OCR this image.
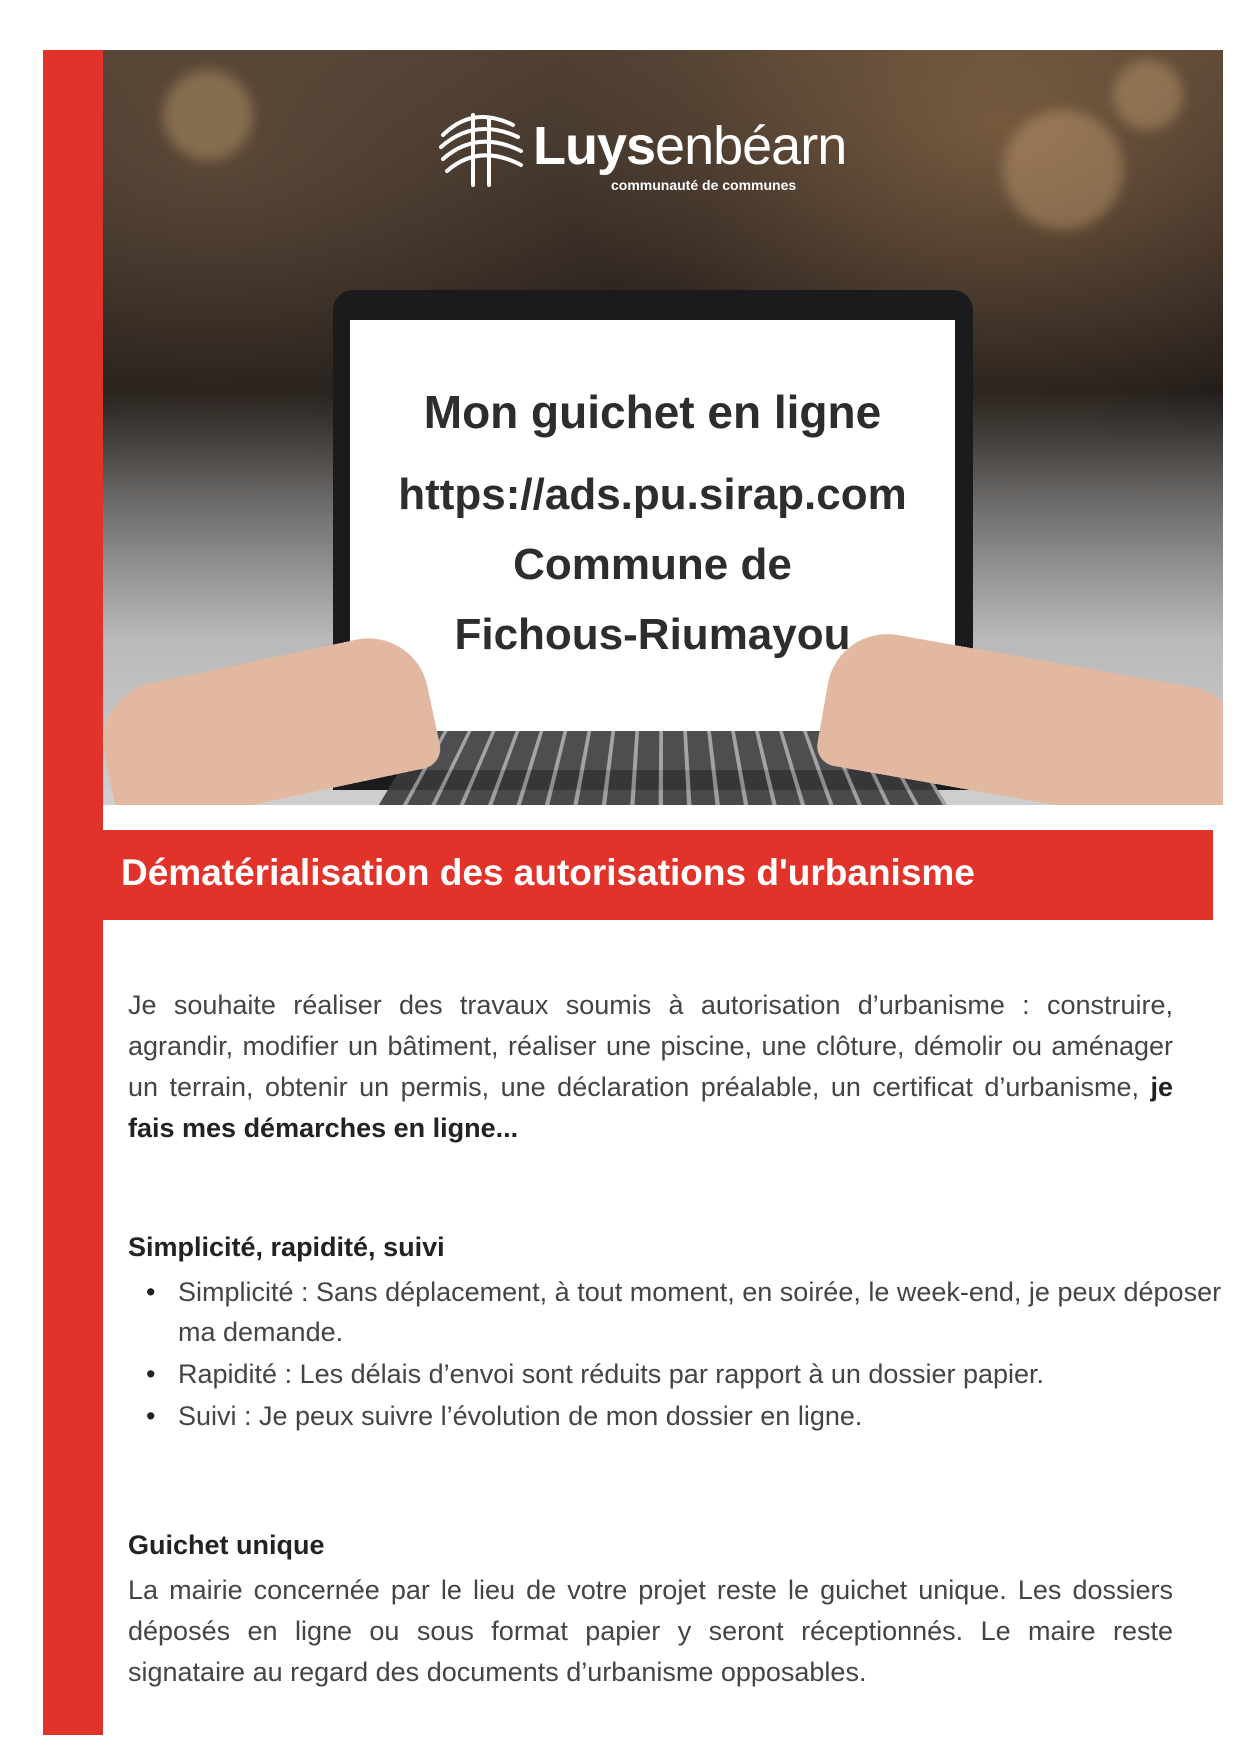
Luysenbéarn
communauté de communes
Mon guichet en ligne
https://ads.pu.sirap.com
Commune de
Fichous-Riumayou
Dématérialisation des autorisations d'urbanisme
Je souhaite réaliser des travaux soumis à autorisation d’urbanisme : construire, agrandir, modifier un bâtiment, réaliser une piscine, une clôture, démolir ou aménager un terrain, obtenir un permis, une déclaration préalable, un certificat d’urbanisme, je fais mes démarches en ligne...
Simplicité, rapidité, suivi
• Simplicité : Sans déplacement, à tout moment, en soirée, le week-end, je peux déposer ma demande.
• Rapidité : Les délais d’envoi sont réduits par rapport à un dossier papier.
• Suivi : Je peux suivre l’évolution de mon dossier en ligne.
Guichet unique
La mairie concernée par le lieu de votre projet reste le guichet unique. Les dossiers déposés en ligne ou sous format papier y seront réceptionnés. Le maire reste signataire au regard des documents d’urbanisme opposables.
